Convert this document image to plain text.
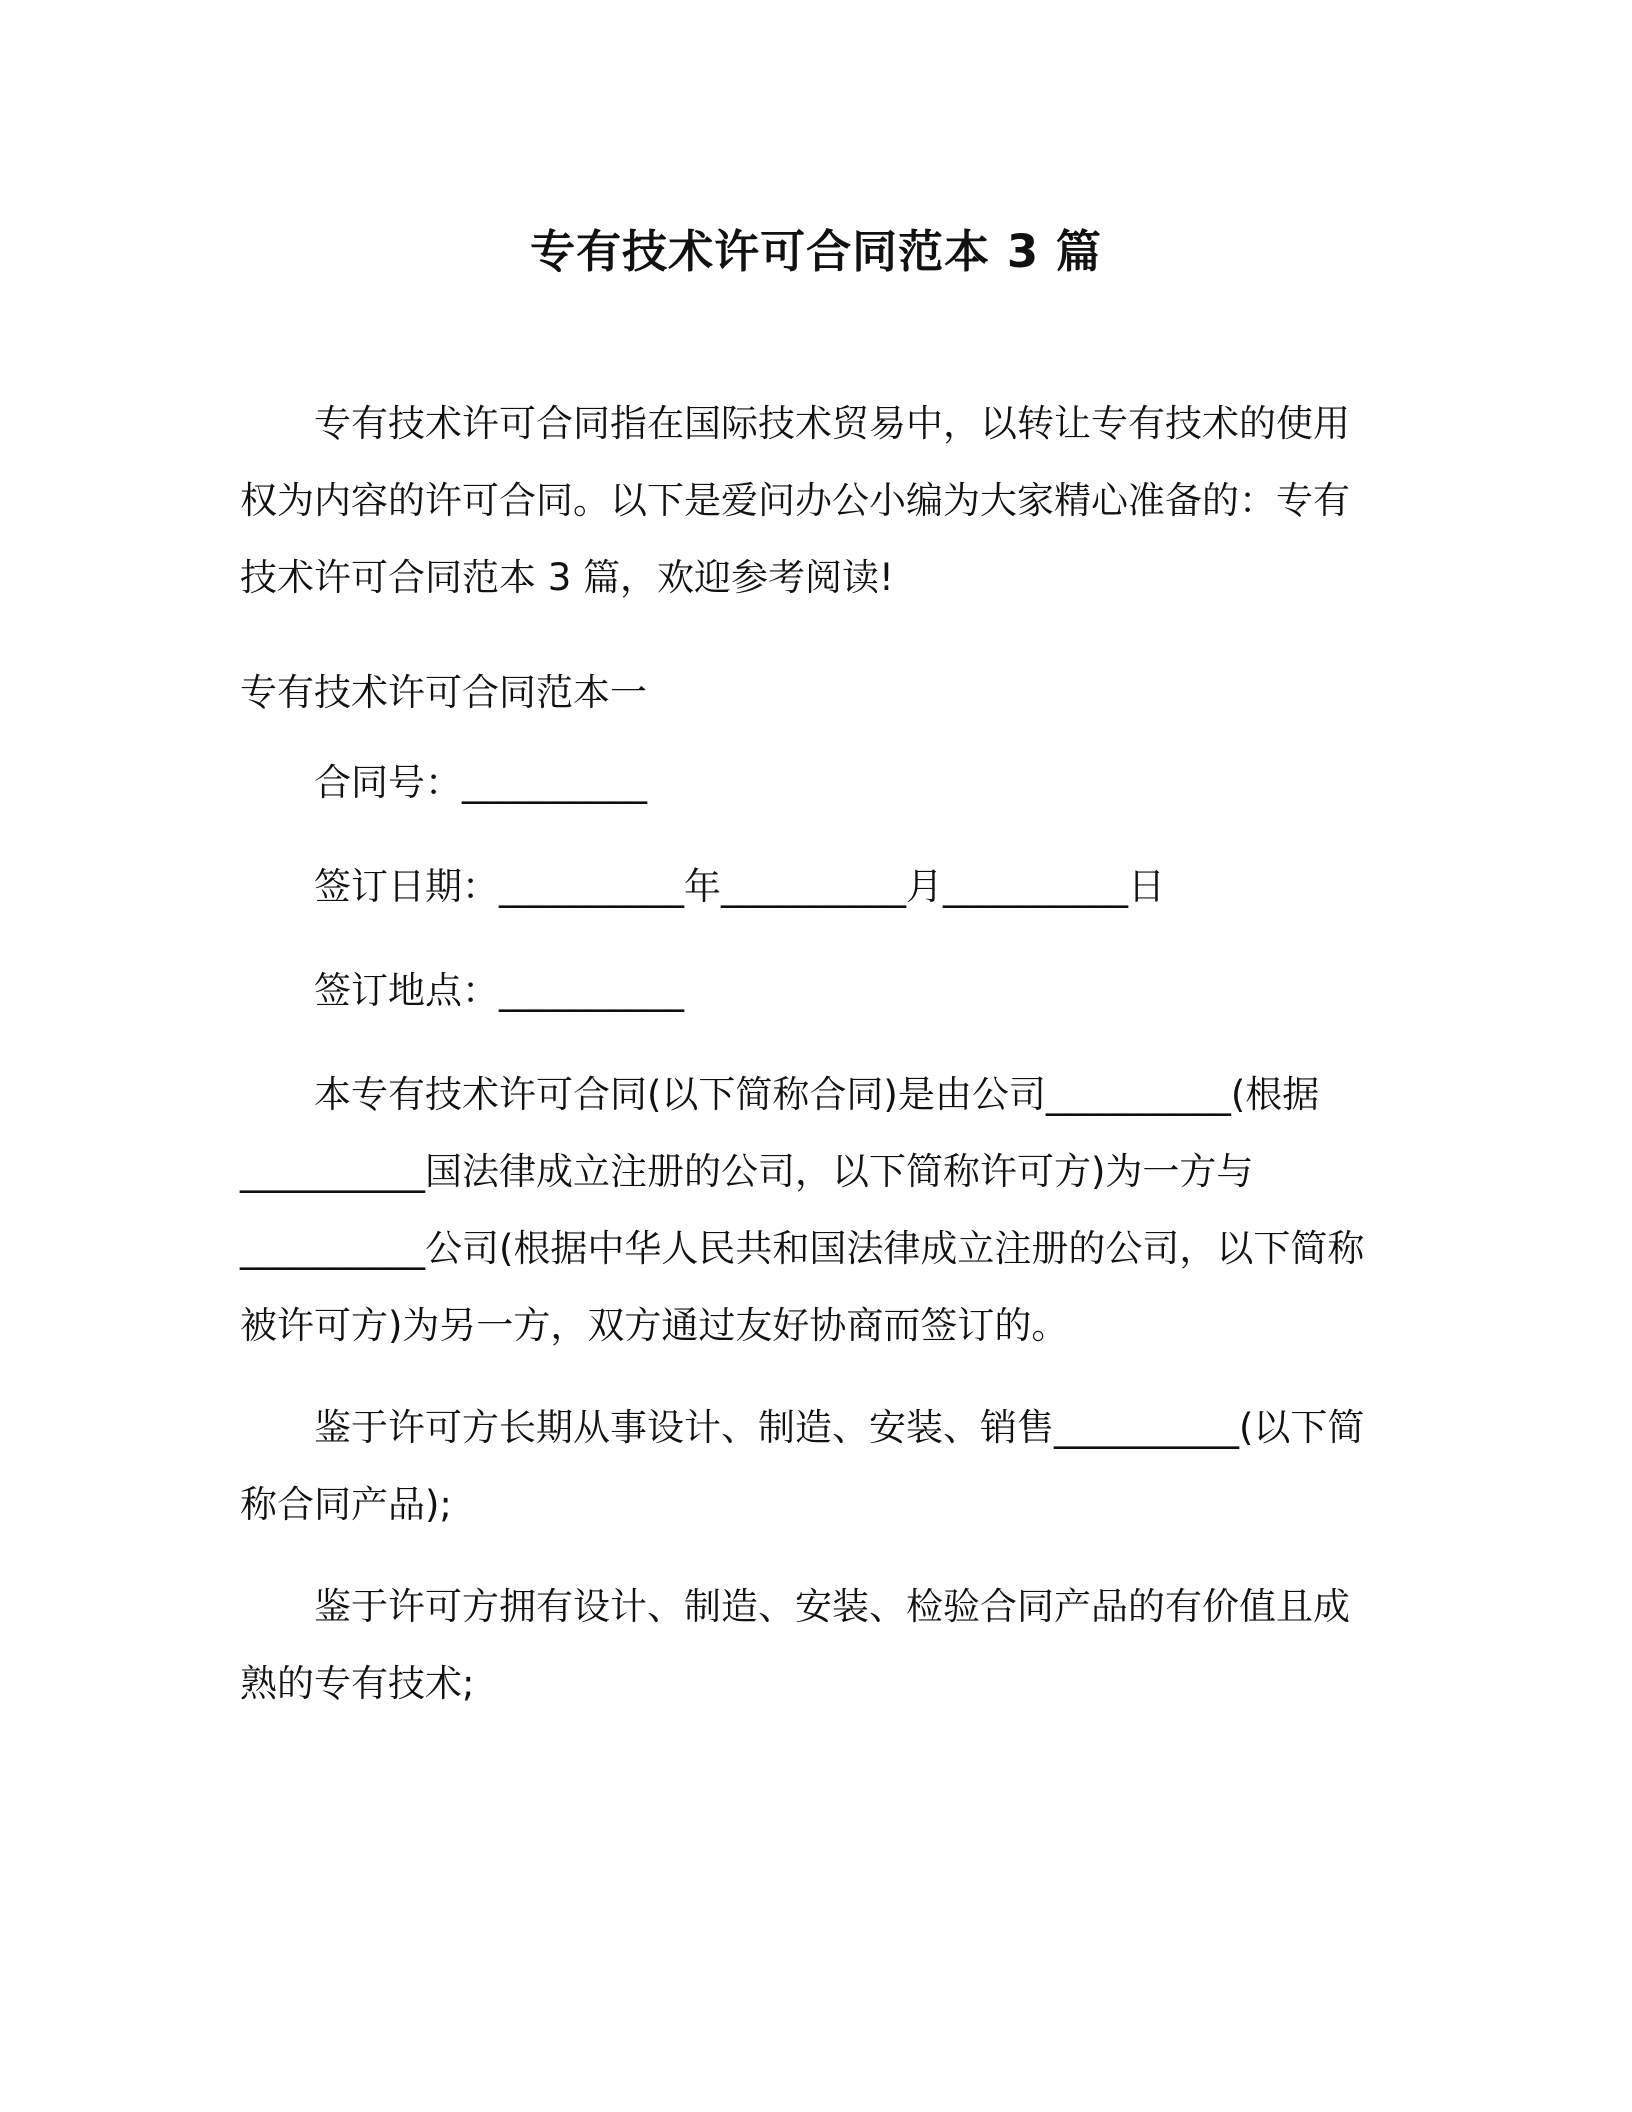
专有技术许可合同范本 3 篇

专有技术许可合同指在国际技术贸易中，以转让专有技术的使用权为内容的许可合同。以下是爱问办公小编为大家精心准备的：专有技术许可合同范本 3 篇，欢迎参考阅读!

专有技术许可合同范本一

合同号：__________

签订日期：__________年__________月__________日

签订地点：__________

本专有技术许可合同(以下简称合同)是由公司__________(根据__________国法律成立注册的公司，以下简称许可方)为一方与__________公司(根据中华人民共和国法律成立注册的公司，以下简称被许可方)为另一方，双方通过友好协商而签订的。

鉴于许可方长期从事设计、制造、安装、销售__________(以下简称合同产品);

鉴于许可方拥有设计、制造、安装、检验合同产品的有价值且成熟的专有技术;
